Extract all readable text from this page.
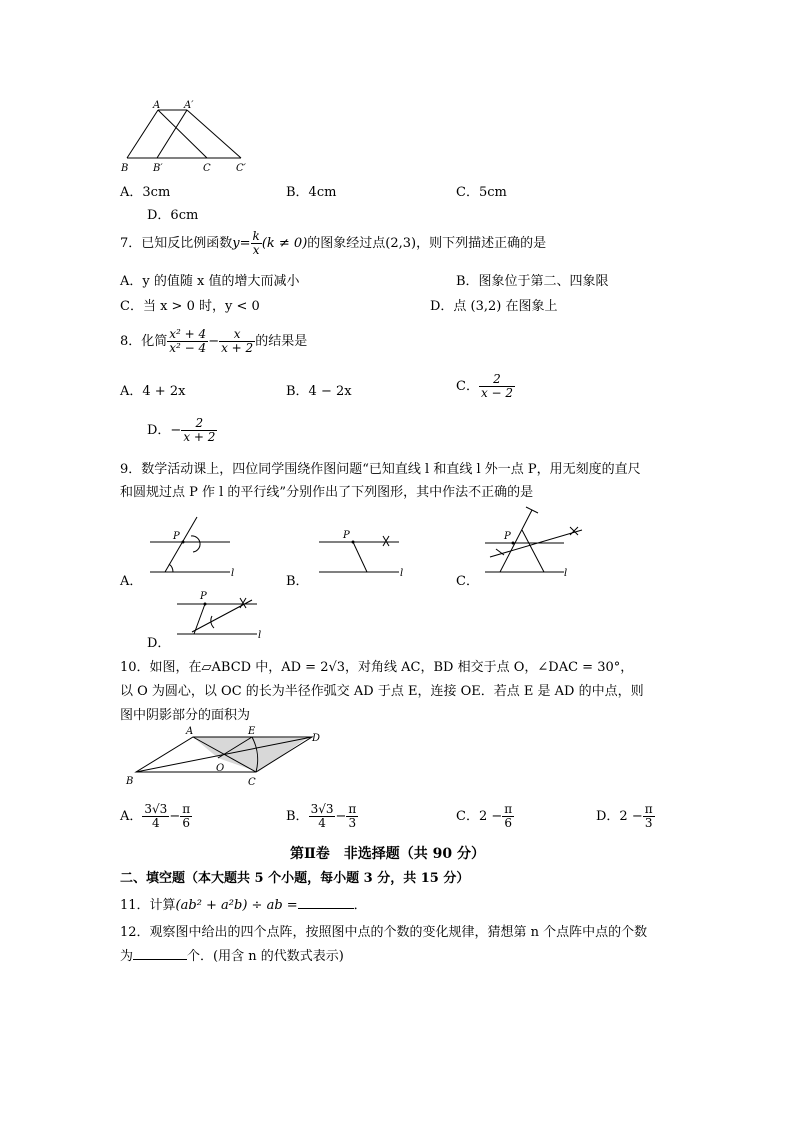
A A′
B B′	C	C′
A．3cm	B．4cm	C．5cm
D．6cm
7．已知反比例函数$y= \frac{k}{x} (k \ne 0)$的图象经过点(2,3)，则下列描述正确的是
A．y 的值随 x 值的增大而减小	B．图象位于第二、四象限
C．当 x > 0 时，y < 0	D．点 (3,2) 在图象上
8．化简 $\frac{\text{x² + 4}}{\text{x² − 4}} - \frac{x}{x + 2}$ 的结果是
A．4 + 2x	B．4 − 2x	C． $\frac{2}{x - 2}$
D．− $\frac{2}{x + 2}$
9．数学活动课上，四位同学围绕作图问题“已知直线 l 和直线 l 外一点 P，用无刻度的直尺
和圆规过点 P 作 l 的平行线”分别作出了下列图形，其中作法不正确的是
P
l
A．
P
l
B．
P
l
C．
P
l
D．
10．如图，在▱ABCD 中，AD = 2√3，对角线 AC，BD 相交于点 O，∠DAC = 30°，
以 O 为圆心，以 OC 的长为半径作弧交 AD 于点 E，连接 OE．若点 E 是 AD 的中点，则
图中阴影部分的面积为
A	E
D
B
O
C
A． $\frac{3√3}{4} - \frac{\pi}{6}$	B． $\frac{3√3}{4} - \frac{\pi}{3}$	C．$2 - \frac{\pi}{6}$	D．$2 - \frac{\pi}{3}$
第Ⅱ卷　非选择题（共 90 分）
二、填空题（本大题共 5 个小题，每小题 3 分，共 15 分）
11．计算(ab² + a²b) ÷ ab =	．
12．观察图中给出的四个点阵，按照图中点的个数的变化规律，猜想第 n 个点阵中点的个数
为	个．(用含 n 的代数式表示)
